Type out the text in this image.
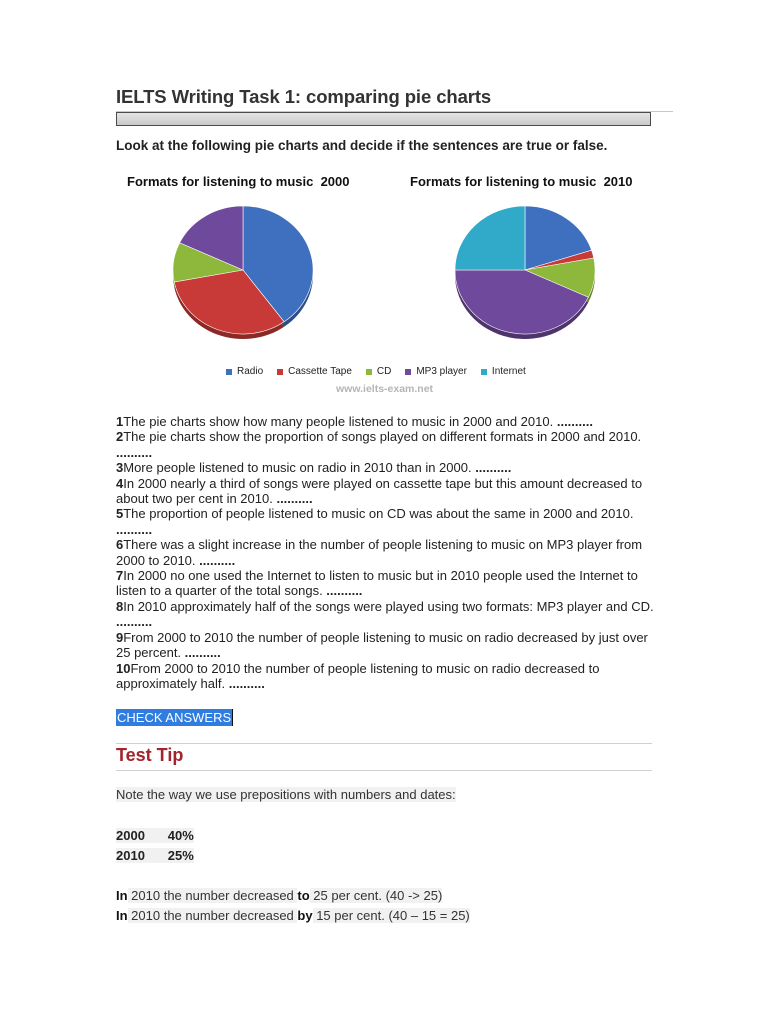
IELTS Writing Task 1: comparing pie charts

Look at the following pie charts and decide if the sentences are true or false.

Formats for listening to music  2000	Formats for listening to music  2010

Radio	Cassette Tape	CD	MP3 player	Internet
www.ielts-exam.net
1The pie charts show how many people listened to music in 2000 and 2010. ..........
2The pie charts show the proportion of songs played on different formats in 2000 and 2010. ..........
3More people listened to music on radio in 2010 than in 2000. ..........
4In 2000 nearly a third of songs were played on cassette tape but this amount decreased to about two per cent in 2010. ..........
5The proportion of people listened to music on CD was about the same in 2000 and 2010. ..........
6There was a slight increase in the number of people listening to music on MP3 player from 2000 to 2010. ..........
7In 2000 no one used the Internet to listen to music but in 2010 people used the Internet to listen to a quarter of the total songs. ..........
8In 2010 approximately half of the songs were played using two formats: MP3 player and CD. ..........
9From 2000 to 2010 the number of people listening to music on radio decreased by just over 25 percent. ..........
10From 2000 to 2010 the number of people listening to music on radio decreased to approximately half. ..........
CHECK ANSWERS
Test Tip

Note the way we use prepositions with numbers and dates:

2000   40%

2010   25%

In 2010 the number decreased to 25 per cent. (40 -> 25)

In 2010 the number decreased by 15 per cent. (40 – 15 = 25)
